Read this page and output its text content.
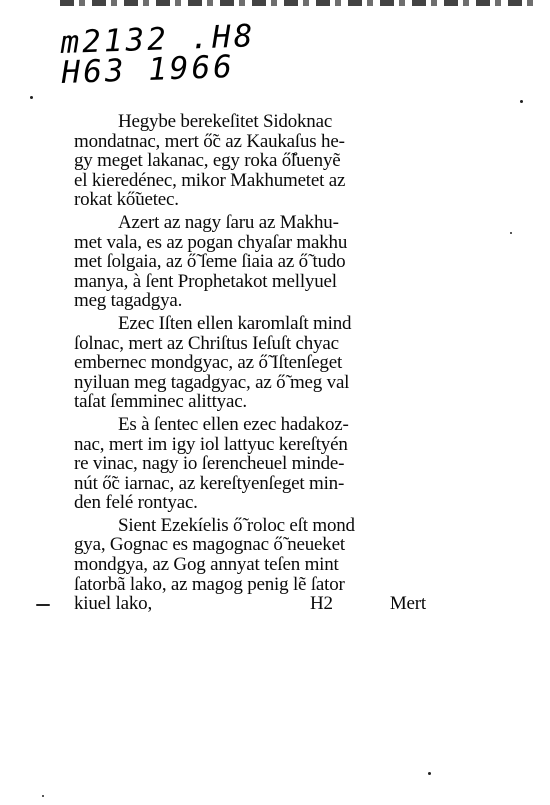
m2132 .H8
H63 1966
Hegybe berekeſitet Sidoknac
mondatnac, mert ő̃c az Kaukaſus he-
gy meget lakanac, egy roka ő̃ſuenyẽ
el kieredénec, mikor Makhumetet az
rokat kő̃uetec.
Azert az nagy ſaru az Makhu-
met vala, es az pogan chyaſar makhu
met ſolgaia, az ő̃ ſeme ſiaia az ő̃ tudo
manya, à ſent Prophetakot mellyuel
meg tagadgya.
Ezec Iſten ellen karomlaſt mind
ſolnac, mert az Chriſtus Ieſuſt chyac
embernec mondgyac, az ő̃ Iſtenſeget
nyiluan meg tagadgyac, az ő̃ meg val
taſat ſemminec alittyac.
Es à ſentec ellen ezec hadakoz-
nac, mert im igy iol lattyuc kereſtyén
re vinac, nagy io ſerencheuel minde-
nút ő̃c iarnac, az kereſtyenſeget min-
den felé rontyac.
Sient Ezekíelis ő̃ roloc eſt mond
gya, Gognac es magognac ő̃ neueket
mondgya, az Gog annyat teſen mint
ſatorbã lako, az magog penig lẽ ſator
kiuel lako,	H2	Mert
